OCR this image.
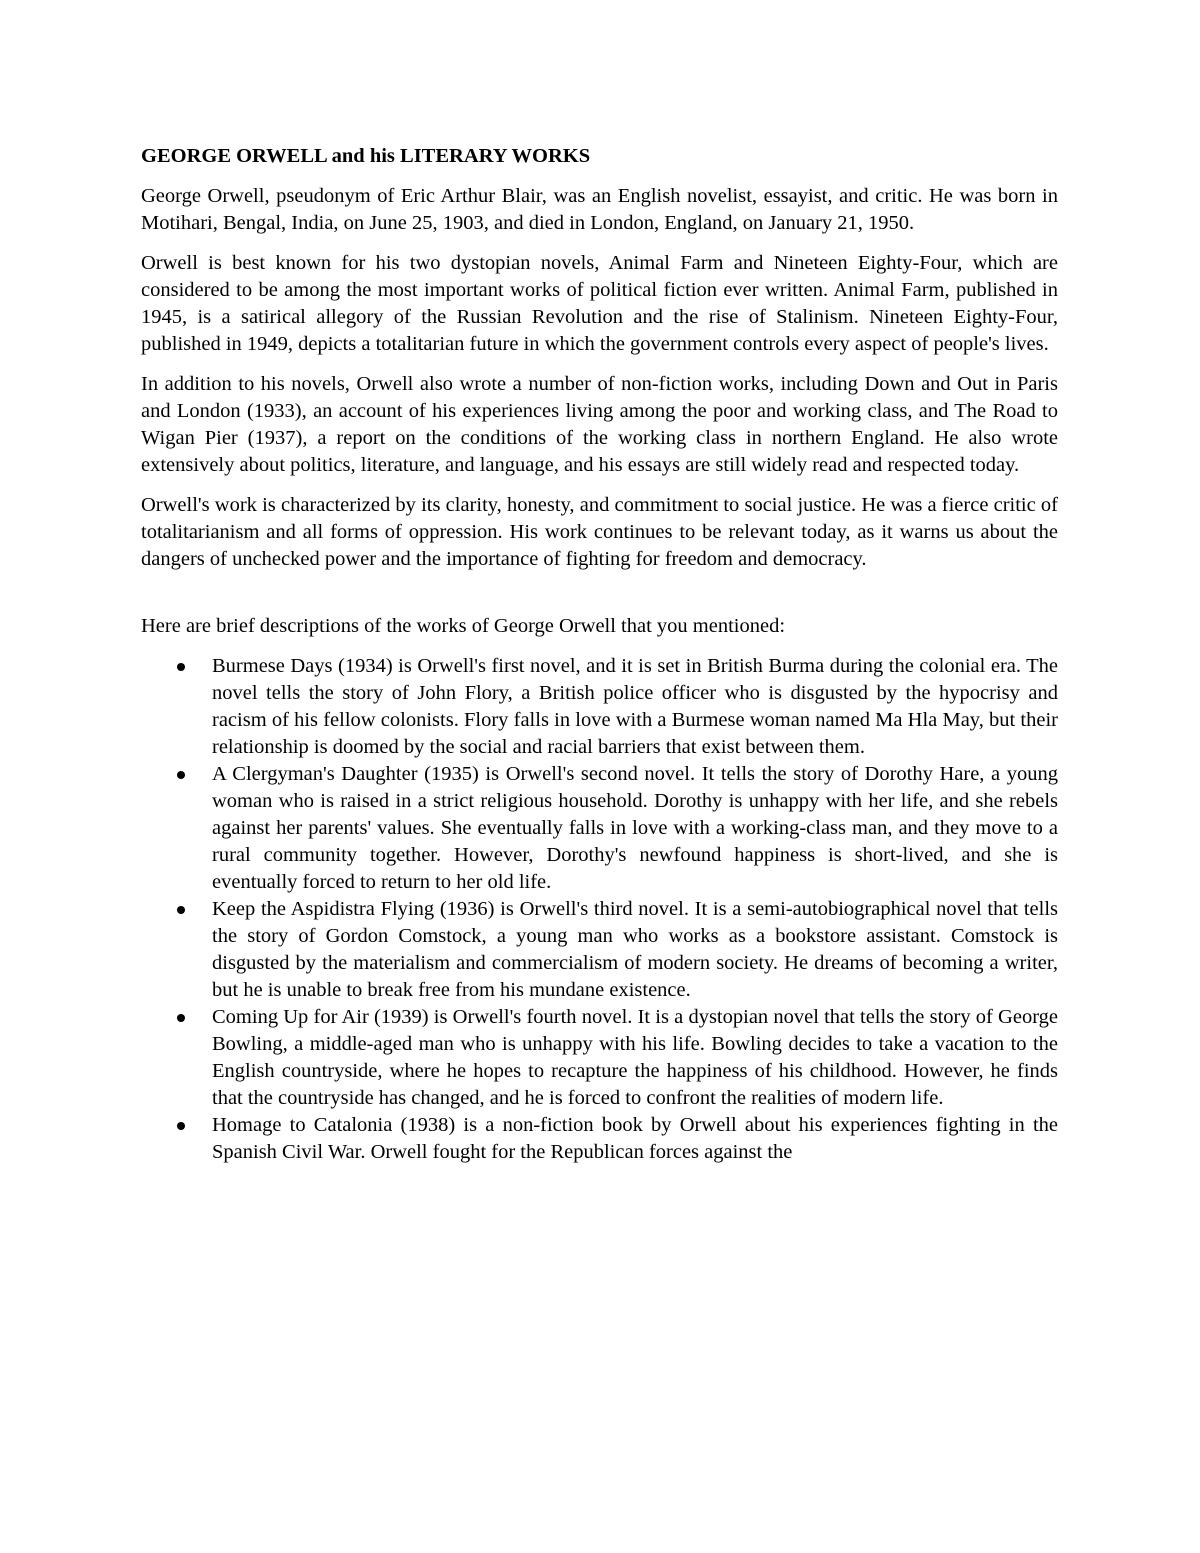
GEORGE ORWELL and his LITERARY WORKS

George Orwell, pseudonym of Eric Arthur Blair, was an English novelist, essayist, and critic. He was born in Motihari, Bengal, India, on June 25, 1903, and died in London, England, on January 21, 1950.

Orwell is best known for his two dystopian novels, Animal Farm and Nineteen Eighty-Four, which are considered to be among the most important works of political fiction ever written. Animal Farm, published in 1945, is a satirical allegory of the Russian Revolution and the rise of Stalinism. Nineteen Eighty-Four, published in 1949, depicts a totalitarian future in which the government controls every aspect of people's lives.

In addition to his novels, Orwell also wrote a number of non-fiction works, including Down and Out in Paris and London (1933), an account of his experiences living among the poor and working class, and The Road to Wigan Pier (1937), a report on the conditions of the working class in northern England. He also wrote extensively about politics, literature, and language, and his essays are still widely read and respected today.

Orwell's work is characterized by its clarity, honesty, and commitment to social justice. He was a fierce critic of totalitarianism and all forms of oppression. His work continues to be relevant today, as it warns us about the dangers of unchecked power and the importance of fighting for freedom and democracy.

Here are brief descriptions of the works of George Orwell that you mentioned:

Burmese Days (1934) is Orwell's first novel, and it is set in British Burma during the colonial era. The novel tells the story of John Flory, a British police officer who is disgusted by the hypocrisy and racism of his fellow colonists. Flory falls in love with a Burmese woman named Ma Hla May, but their relationship is doomed by the social and racial barriers that exist between them.
A Clergyman's Daughter (1935) is Orwell's second novel. It tells the story of Dorothy Hare, a young woman who is raised in a strict religious household. Dorothy is unhappy with her life, and she rebels against her parents' values. She eventually falls in love with a working-class man, and they move to a rural community together. However, Dorothy's newfound happiness is short-lived, and she is eventually forced to return to her old life.
Keep the Aspidistra Flying (1936) is Orwell's third novel. It is a semi-autobiographical novel that tells the story of Gordon Comstock, a young man who works as a bookstore assistant. Comstock is disgusted by the materialism and commercialism of modern society. He dreams of becoming a writer, but he is unable to break free from his mundane existence.
Coming Up for Air (1939) is Orwell's fourth novel. It is a dystopian novel that tells the story of George Bowling, a middle-aged man who is unhappy with his life. Bowling decides to take a vacation to the English countryside, where he hopes to recapture the happiness of his childhood. However, he finds that the countryside has changed, and he is forced to confront the realities of modern life.
Homage to Catalonia (1938) is a non-fiction book by Orwell about his experiences fighting in the Spanish Civil War. Orwell fought for the Republican forces against the
